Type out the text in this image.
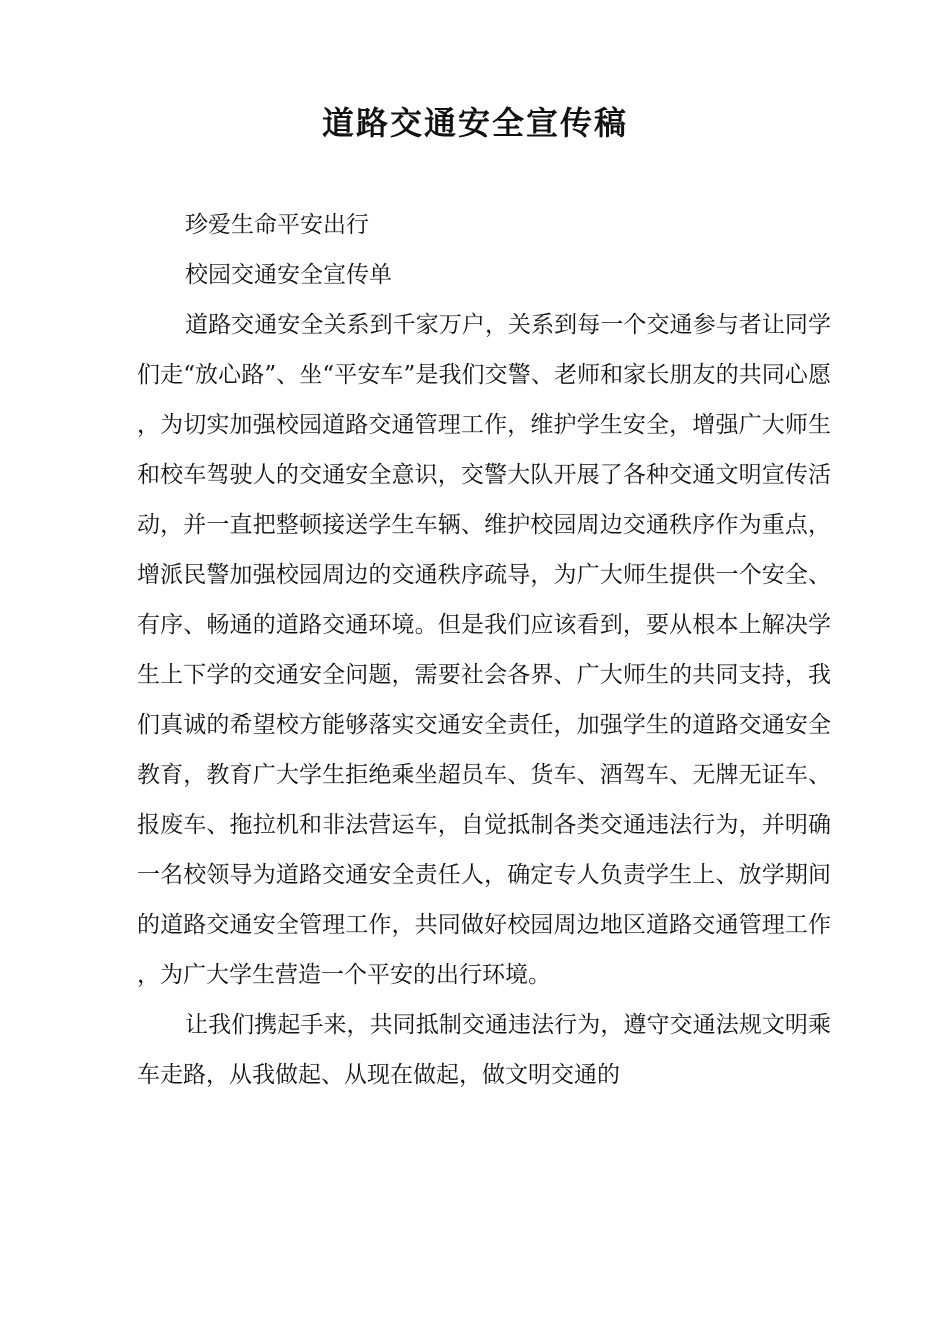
道路交通安全宣传稿

珍爱生命平安出行

校园交通安全宣传单

道路交通安全关系到千家万户，关系到每一个交通参与者让同学们走“放心路”、坐“平安车”是我们交警、老师和家长朋友的共同心愿，为切实加强校园道路交通管理工作，维护学生安全，增强广大师生和校车驾驶人的交通安全意识，交警大队开展了各种交通文明宣传活动，并一直把整顿接送学生车辆、维护校园周边交通秩序作为重点，增派民警加强校园周边的交通秩序疏导，为广大师生提供一个安全、有序、畅通的道路交通环境。但是我们应该看到，要从根本上解决学生上下学的交通安全问题，需要社会各界、广大师生的共同支持，我们真诚的希望校方能够落实交通安全责任，加强学生的道路交通安全教育，教育广大学生拒绝乘坐超员车、货车、酒驾车、无牌无证车、报废车、拖拉机和非法营运车，自觉抵制各类交通违法行为，并明确一名校领导为道路交通安全责任人，确定专人负责学生上、放学期间的道路交通安全管理工作，共同做好校园周边地区道路交通管理工作，为广大学生营造一个平安的出行环境。

让我们携起手来，共同抵制交通违法行为，遵守交通法规文明乘车走路，从我做起、从现在做起，做文明交通的
